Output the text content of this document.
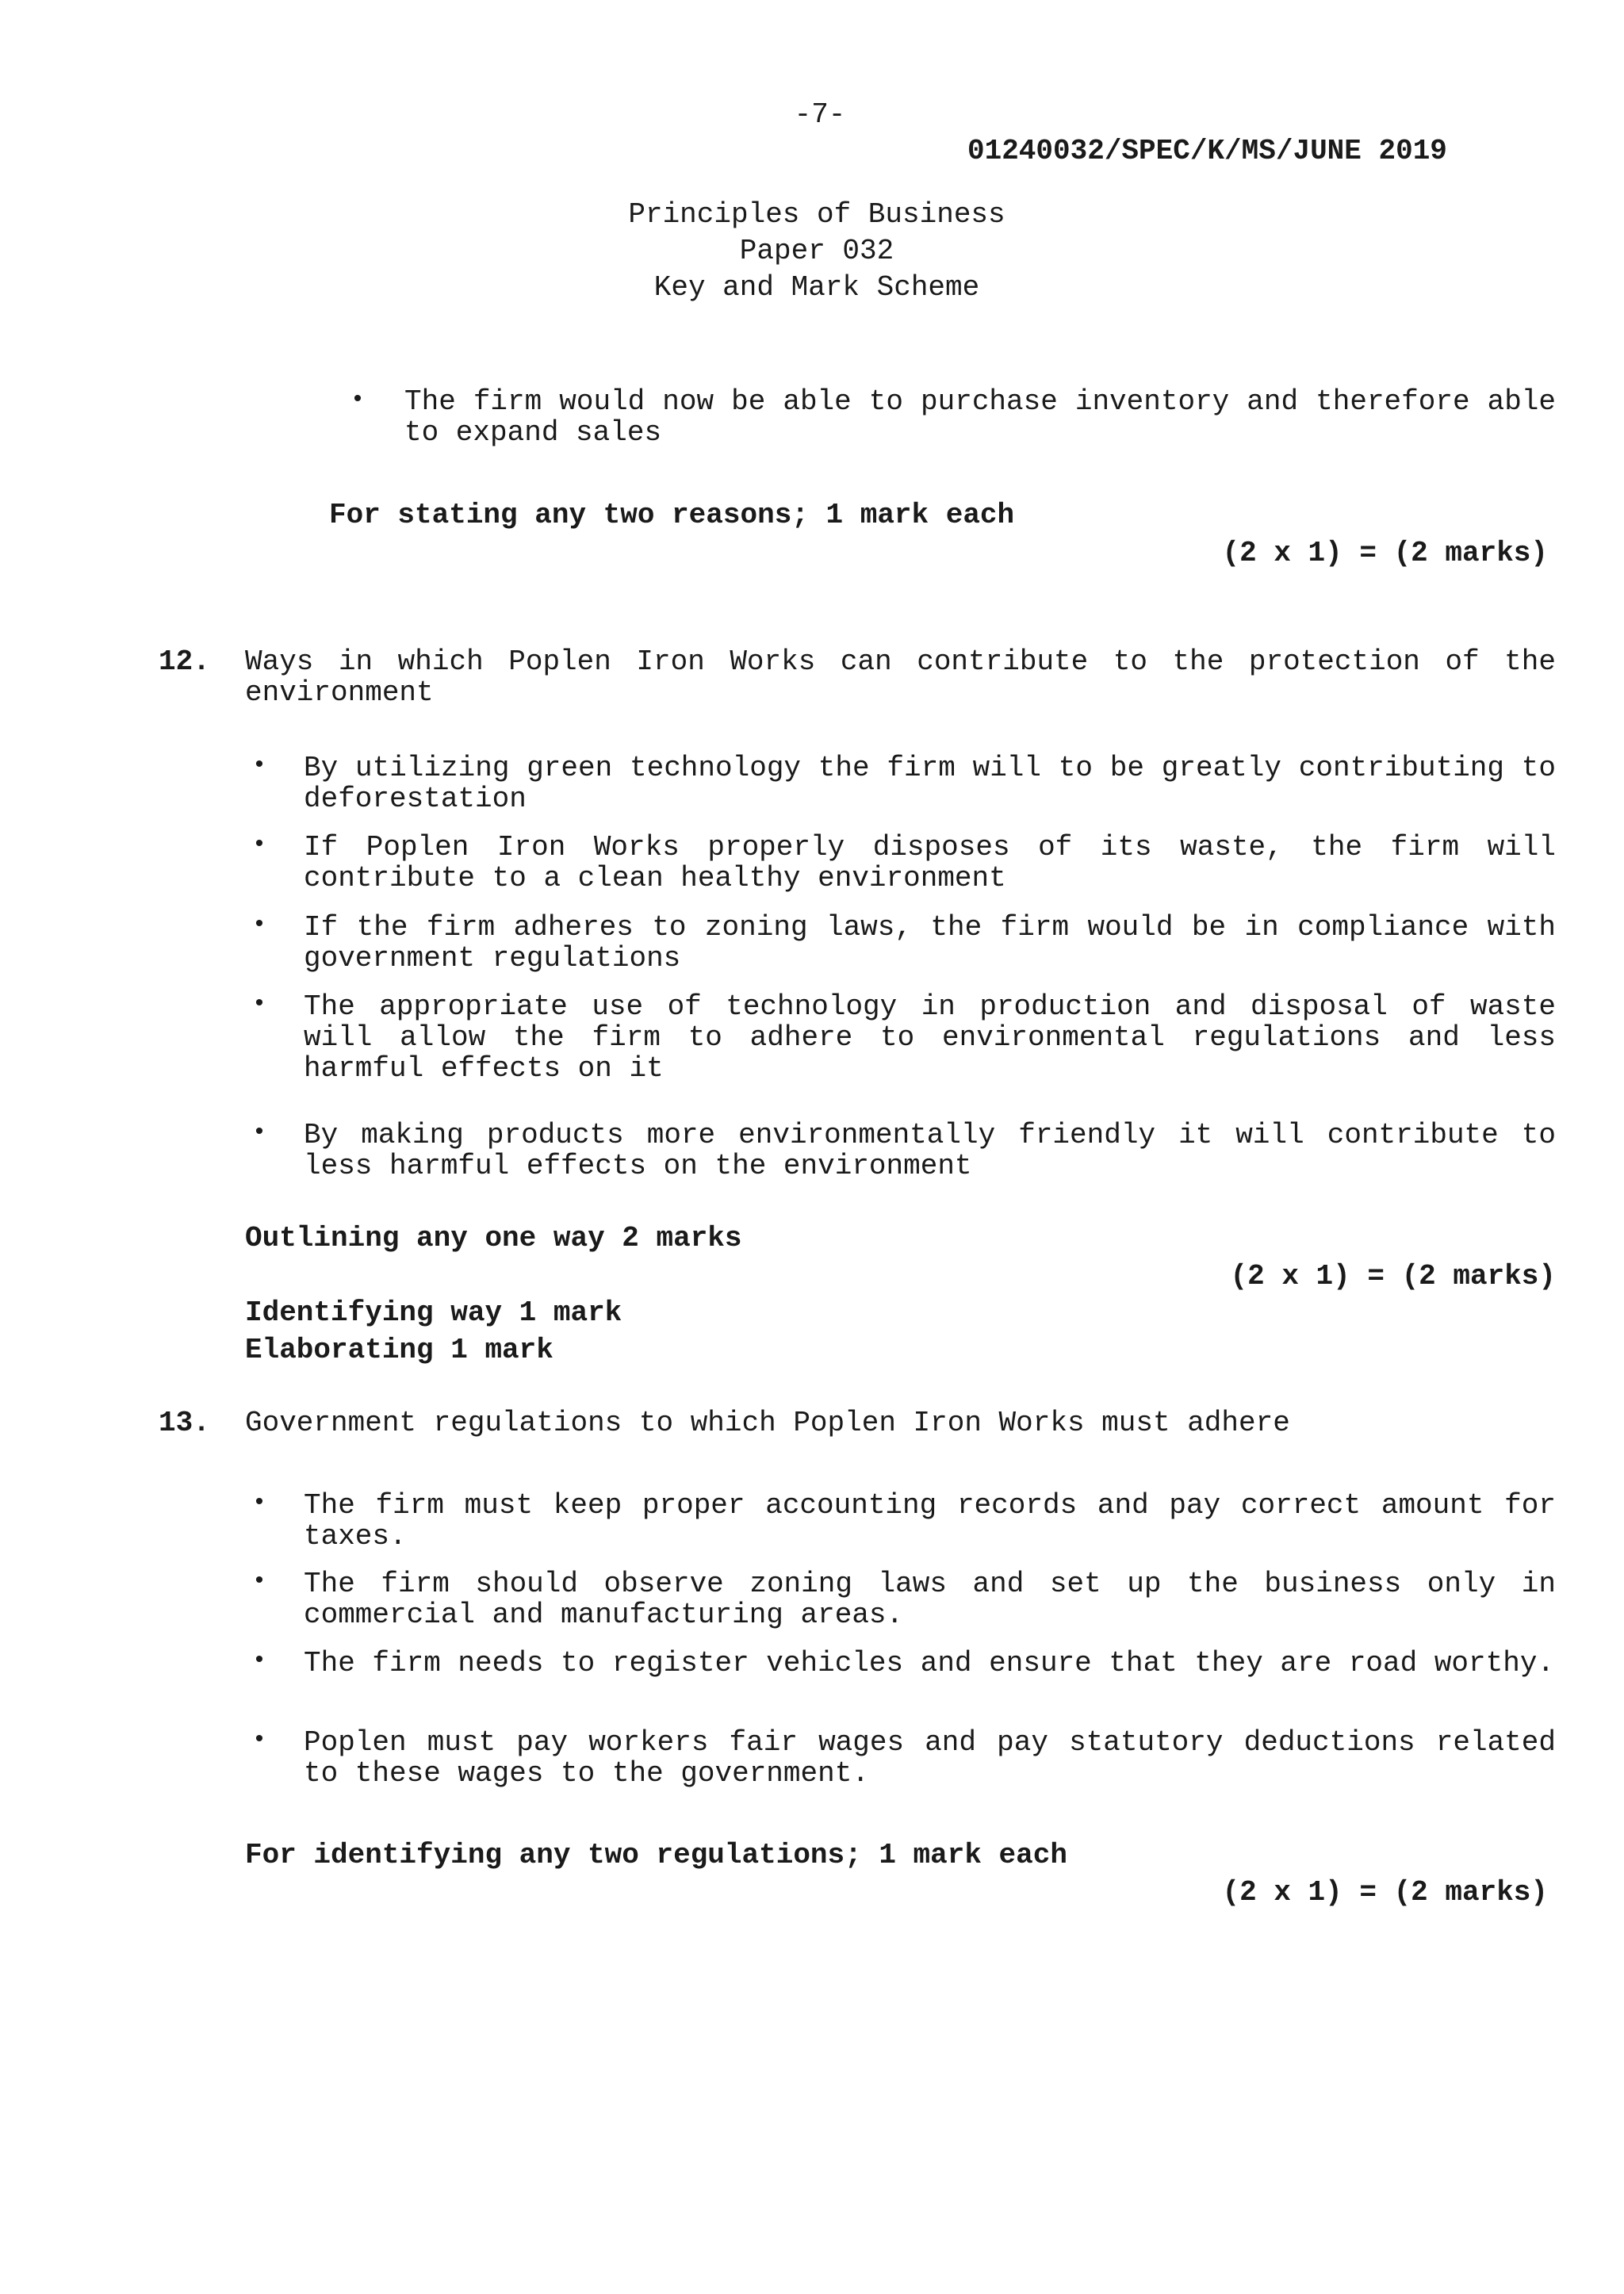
-7-
01240032/SPEC/K/MS/JUNE 2019
Principles of Business
Paper 032
Key and Mark Scheme
• The firm would now be able to purchase inventory and therefore able to expand sales
For stating any two reasons; 1 mark each
(2 x 1) = (2 marks)
12. Ways in which Poplen Iron Works can contribute to the protection of the environment
• By utilizing green technology the firm will to be greatly contributing to deforestation
• If Poplen Iron Works properly disposes of its waste, the firm will contribute to a clean healthy environment
• If the firm adheres to zoning laws, the firm would be in compliance with government regulations
• The appropriate use of technology in production and disposal of waste will allow the firm to adhere to environmental regulations and less harmful effects on it
• By making products more environmentally friendly it will contribute to less harmful effects on the environment
Outlining any one way 2 marks
(2 x 1) = (2 marks)
Identifying way 1 mark
Elaborating 1 mark
13. Government regulations to which Poplen Iron Works must adhere
• The firm must keep proper accounting records and pay correct amount for taxes.
• The firm should observe zoning laws and set up the business only in commercial and manufacturing areas.
• The firm needs to register vehicles and ensure that they are road worthy.
• Poplen must pay workers fair wages and pay statutory deductions related to these wages to the government.
For identifying any two regulations; 1 mark each
(2 x 1) = (2 marks)
